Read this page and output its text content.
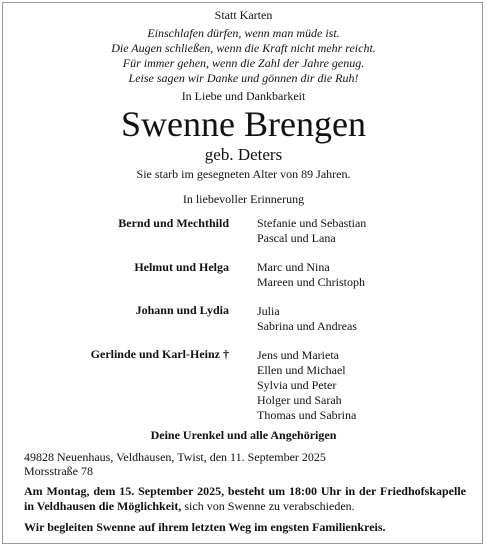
Statt Karten
Einschlafen dürfen, wenn man müde ist.
Die Augen schließen, wenn die Kraft nicht mehr reicht.
Für immer gehen, wenn die Zahl der Jahre genug.
Leise sagen wir Danke und gönnen dir die Ruh!
In Liebe und Dankbarkeit
Swenne Brengen
geb. Deters
Sie starb im gesegneten Alter von 89 Jahren.
In liebevoller Erinnerung
Bernd und Mechthild Stefanie und Sebastian
Pascal und Lana
Helmut und Helga Marc und Nina
Mareen und Christoph
Johann und Lydia Julia
Sabrina und Andreas
Gerlinde und Karl-Heinz † Jens und Marieta
Ellen und Michael
Sylvia und Peter
Holger und Sarah
Thomas und Sabrina
Deine Urenkel und alle Angehörigen
49828 Neuenhaus, Veldhausen, Twist, den 11. September 2025
Morsstraße 78
Am Montag, dem 15. September 2025, besteht um 18:00 Uhr in der Friedhofskapelle
in Veldhausen die Möglichkeit, sich von Swenne zu verabschieden.
Wir begleiten Swenne auf ihrem letzten Weg im engsten Familienkreis.
